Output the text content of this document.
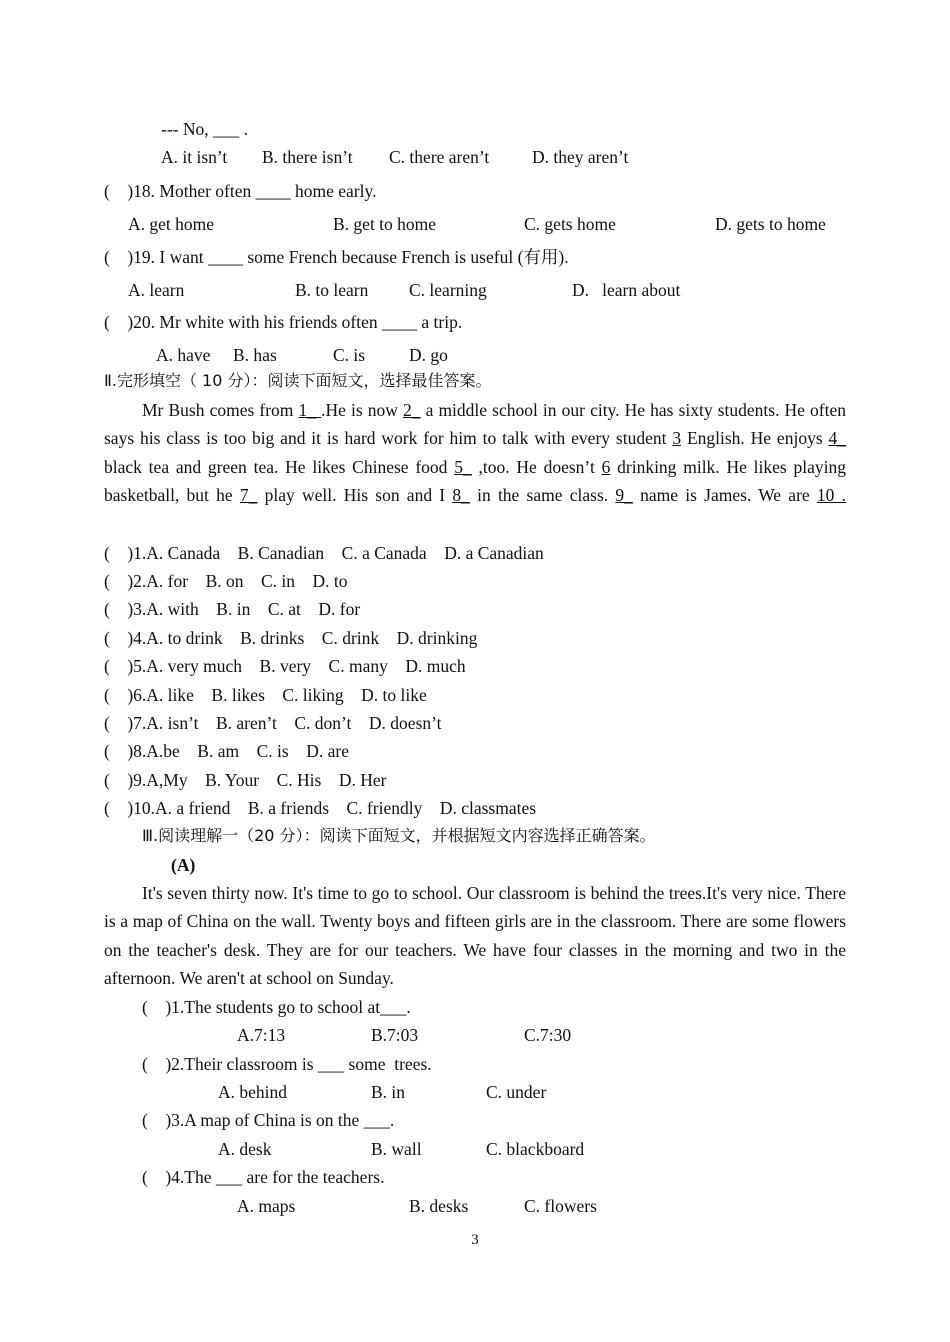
--- No, ___ .
A. it isn’t B. there isn’t C. there aren’t D. they aren’t
(    )18. Mother often ____ home early.
A. get home	B. get to home	C. gets home	D. gets to home
(    )19. I want ____ some French because French is useful (有用).
A. learn	B. to learn C. learning	D.   learn about
(    )20. Mr white with his friends often ____ a trip.
A. have B. has	C. is	D. go
Ⅱ.完形填空（ 10 分）：阅读下面短文，选择最佳答案。
Mr Bush comes from 1_ .He is now 2_ a middle school in our city. He has sixty students. He often says his class is too big and it is hard work for him to talk with every student 3 English. He enjoys 4_ black tea and green tea. He likes Chinese food 5_ ,too. He doesn’t 6 drinking milk. He likes playing basketball, but he 7_ play well. His son and I 8_ in the same class. 9_ name is James. We are 10 .
(    )1.A. Canada    B. Canadian    C. a Canada    D. a Canadian
(    )2.A. for    B. on    C. in    D. to
(    )3.A. with    B. in    C. at    D. for
(    )4.A. to drink    B. drinks    C. drink    D. drinking
(    )5.A. very much    B. very    C. many    D. much
(    )6.A. like    B. likes    C. liking    D. to like
(    )7.A. isn’t    B. aren’t    C. don’t    D. doesn’t
(    )8.A.be    B. am    C. is    D. are
(    )9.A,My    B. Your    C. His    D. Her
(    )10.A. a friend    B. a friends    C. friendly    D. classmates
Ⅲ.阅读理解一（20 分）：阅读下面短文，并根据短文内容选择正确答案。
(A)
It's seven thirty now. It's time to go to school. Our classroom is behind the trees.It's very nice. There is a map of China on the wall. Twenty boys and fifteen girls are in the classroom. There are some flowers on the teacher's desk. They are for our teachers. We have four classes in the morning and two in the afternoon. We aren't at school on Sunday.
(    )1.The students go to school at___.
A.7:13	B.7:03	C.7:30
(    )2.Their classroom is ___ some  trees.
A. behind	B. in	C. under
(    )3.A map of China is on the ___.
A. desk	B. wall	C. blackboard
(    )4.The ___ are for the teachers.
A. maps	B. desks	C. flowers
3
